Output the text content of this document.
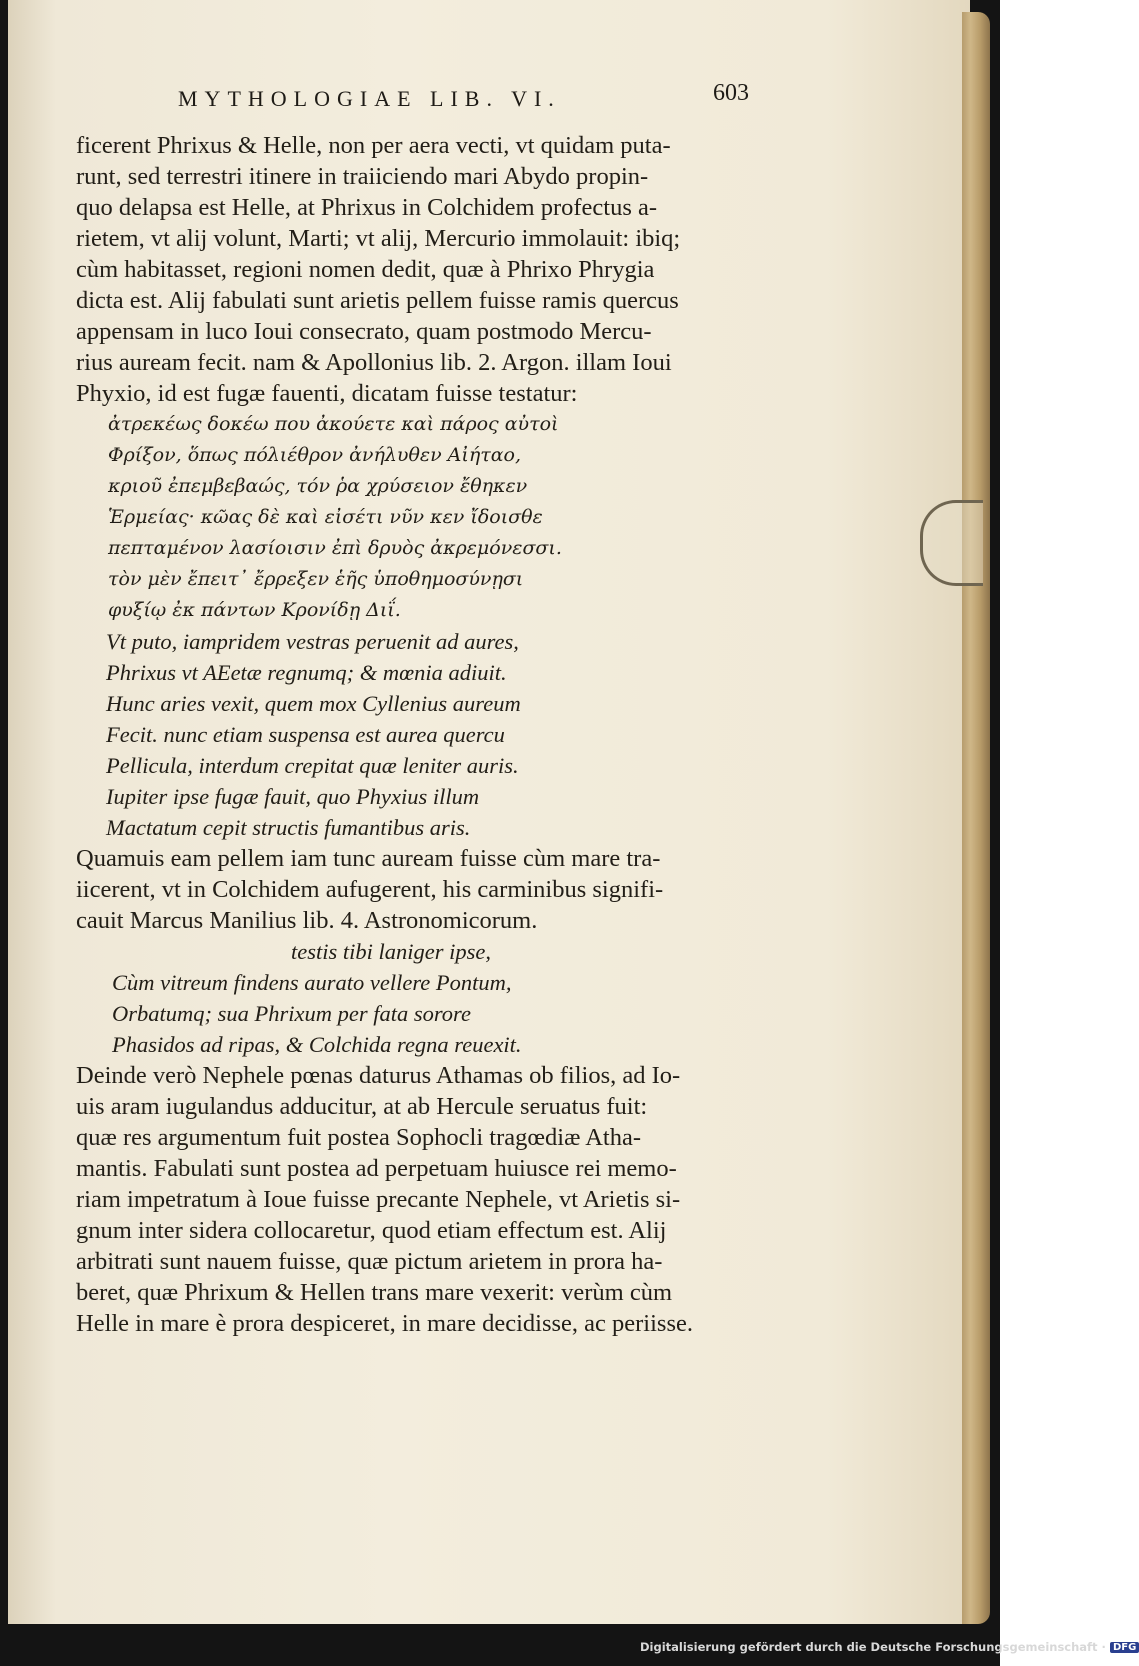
MYTHOLOGIAE LIB. VI.	603
ficerent Phrixus & Helle, non per aera vecti, vt quidam puta-
runt, sed terrestri itinere in traiiciendo mari Abydo propin-
quo delapsa est Helle, at Phrixus in Colchidem profectus a-
rietem, vt alij volunt, Marti; vt alij, Mercurio immolauit: ibiq;
cùm habitasset, regioni nomen dedit, quæ à Phrixo Phrygia
dicta est. Alij fabulati sunt arietis pellem fuisse ramis quercus
appensam in luco Ioui consecrato, quam postmodo Mercu-
rius auream fecit. nam & Apollonius lib. 2. Argon. illam Ioui
Phyxio, id est fugæ fauenti, dicatam fuisse testatur:
ἀτρεκέως δοκέω που ἀκούετε καὶ πάρος αὐτοὶ
Φρίξον, ὅπως πόλιέθρον ἀνήλυθεν Αἰήταο,
κριοῦ ἐπεμβεβαώς, τόν ῥα χρύσειον ἔθηκεν
Ἑρμείας· κῶας δὲ καὶ εἰσέτι νῦν κεν ἴδοισθε
πεπταμένον λασίοισιν ἐπὶ δρυὸς ἀκρεμόνεσσι.
τὸν μὲν ἔπειτ᾽ ἔρρεξεν ἑῆς ὑποθημοσύνῃσι
φυξίῳ ἐκ πάντων Κρονίδῃ Διΐ.
Vt puto, iampridem vestras peruenit ad aures,
Phrixus vt AEetæ regnumq; & mœnia adiuit.
Hunc aries vexit, quem mox Cyllenius aureum
Fecit. nunc etiam suspensa est aurea quercu
Pellicula, interdum crepitat quæ leniter auris.
Iupiter ipse fugæ fauit, quo Phyxius illum
Mactatum cepit structis fumantibus aris.
Quamuis eam pellem iam tunc auream fuisse cùm mare tra-
iicerent, vt in Colchidem aufugerent, his carminibus signifi-
cauit Marcus Manilius lib. 4. Astronomicorum.
testis tibi laniger ipse,
Cùm vitreum findens aurato vellere Pontum,
Orbatumq; sua Phrixum per fata sorore
Phasidos ad ripas, & Colchida regna reuexit.
Deinde verò Nephele pœnas daturus Athamas ob filios, ad Io-
uis aram iugulandus adducitur, at ab Hercule seruatus fuit:
quæ res argumentum fuit postea Sophocli tragœdiæ Atha-
mantis. Fabulati sunt postea ad perpetuam huiusce rei memo-
riam impetratum à Ioue fuisse precante Nephele, vt Arietis si-
gnum inter sidera collocaretur, quod etiam effectum est. Alij
arbitrati sunt nauem fuisse, quæ pictum arietem in prora ha-
beret, quæ Phrixum & Hellen trans mare vexerit: verùm cùm
Helle in mare è prora despiceret, in mare decidisse, ac periisse.
Digitalisierung gefördert durch die Deutsche Forschungsgemeinschaft · DFG
